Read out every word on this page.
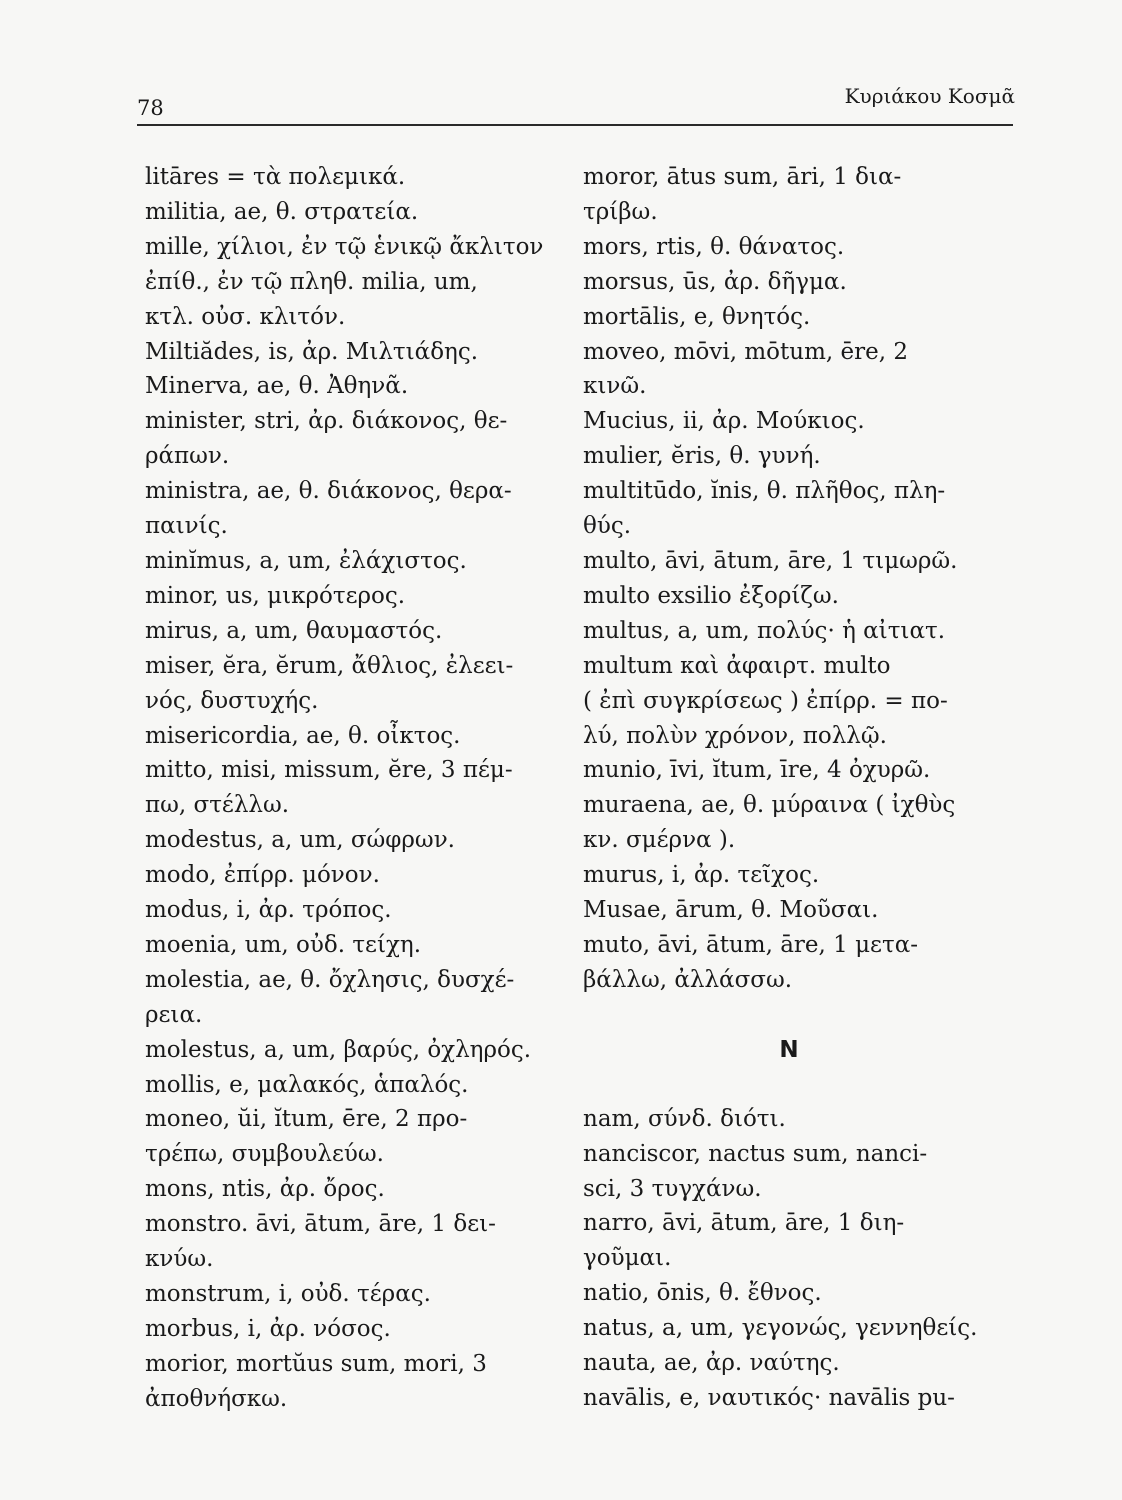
78	Κυριάκου Κοσμᾶ

litāres = τὰ πολεμικά.

militia, ae, θ. στρατεία.

mille, χίλιοι, ἐν τῷ ἑνικῷ ἄκλιτον
ἐπίθ., ἐν τῷ πληθ. milia, um,
κτλ. οὐσ. κλιτόν.

Miltiădes, is, ἀρ. Μιλτιάδης.

Minerva, ae, θ. Ἀθηνᾶ.

minister, stri, ἀρ. διάκονος, θε-
ράπων.

ministra, ae, θ. διάκονος, θερα-
παινίς.

minĭmus, a, um, ἐλάχιστος.

minor, us, μικρότερος.

mirus, a, um, θαυμαστός.

miser, ĕra, ĕrum, ἄθλιος, ἐλεει-
νός, δυστυχής.

misericordia, ae, θ. οἶκτος.

mitto, misi, missum, ĕre, 3 πέμ-
πω, στέλλω.

modestus, a, um, σώφρων.

modo, ἐπίρρ. μόνον.

modus, i, ἀρ. τρόπος.

moenia, um, οὐδ. τείχη.

molestia, ae, θ. ὄχλησις, δυσχέ-
ρεια.

molestus, a, um, βαρύς, ὀχληρός.

mollis, e, μαλακός, ἁπαλός.

moneo, ŭi, ĭtum, ēre, 2 προ-
τρέπω, συμβουλεύω.

mons, ntis, ἀρ. ὄρος.

monstro. āvi, ātum, āre, 1 δει-
κνύω.

monstrum, i, οὐδ. τέρας.

morbus, i, ἀρ. νόσος.

morior, mortŭus sum, mori, 3
ἀποθνήσκω.

moror, ātus sum, āri, 1 δια-
τρίβω.

mors, rtis, θ. θάνατος.

morsus, ūs, ἀρ. δῆγμα.

mortālis, e, θνητός.

moveo, mōvi, mōtum, ēre, 2
κινῶ.

Mucius, ii, ἀρ. Μούκιος.

mulier, ĕris, θ. γυνή.

multitūdo, ĭnis, θ. πλῆθος, πλη-
θύς.

multo, āvi, ātum, āre, 1 τιμωρῶ.
multo exsilio ἐξορίζω.

multus, a, um, πολύς· ἡ αἰτιατ.
multum καὶ ἀφαιρτ. multo
( ἐπὶ συγκρίσεως ) ἐπίρρ. = πο-
λύ, πολὺν χρόνον, πολλῷ.

munio, īvi, ĭtum, īre, 4 ὀχυρῶ.

muraena, ae, θ. μύραινα ( ἰχθὺς
κν. σμέρνα ).

murus, i, ἀρ. τεῖχος.

Musae, ārum, θ. Μοῦσαι.

muto, āvi, ātum, āre, 1 μετα-
βάλλω, ἀλλάσσω.

N

nam, σύνδ. διότι.

nanciscor, nactus sum, nanci-
sci, 3 τυγχάνω.

narro, āvi, ātum, āre, 1 διη-
γοῦμαι.

natio, ōnis, θ. ἔθνος.

natus, a, um, γεγονώς, γεννηθείς.

nauta, ae, ἀρ. ναύτης.

navālis, e, ναυτικός· navālis pu-
